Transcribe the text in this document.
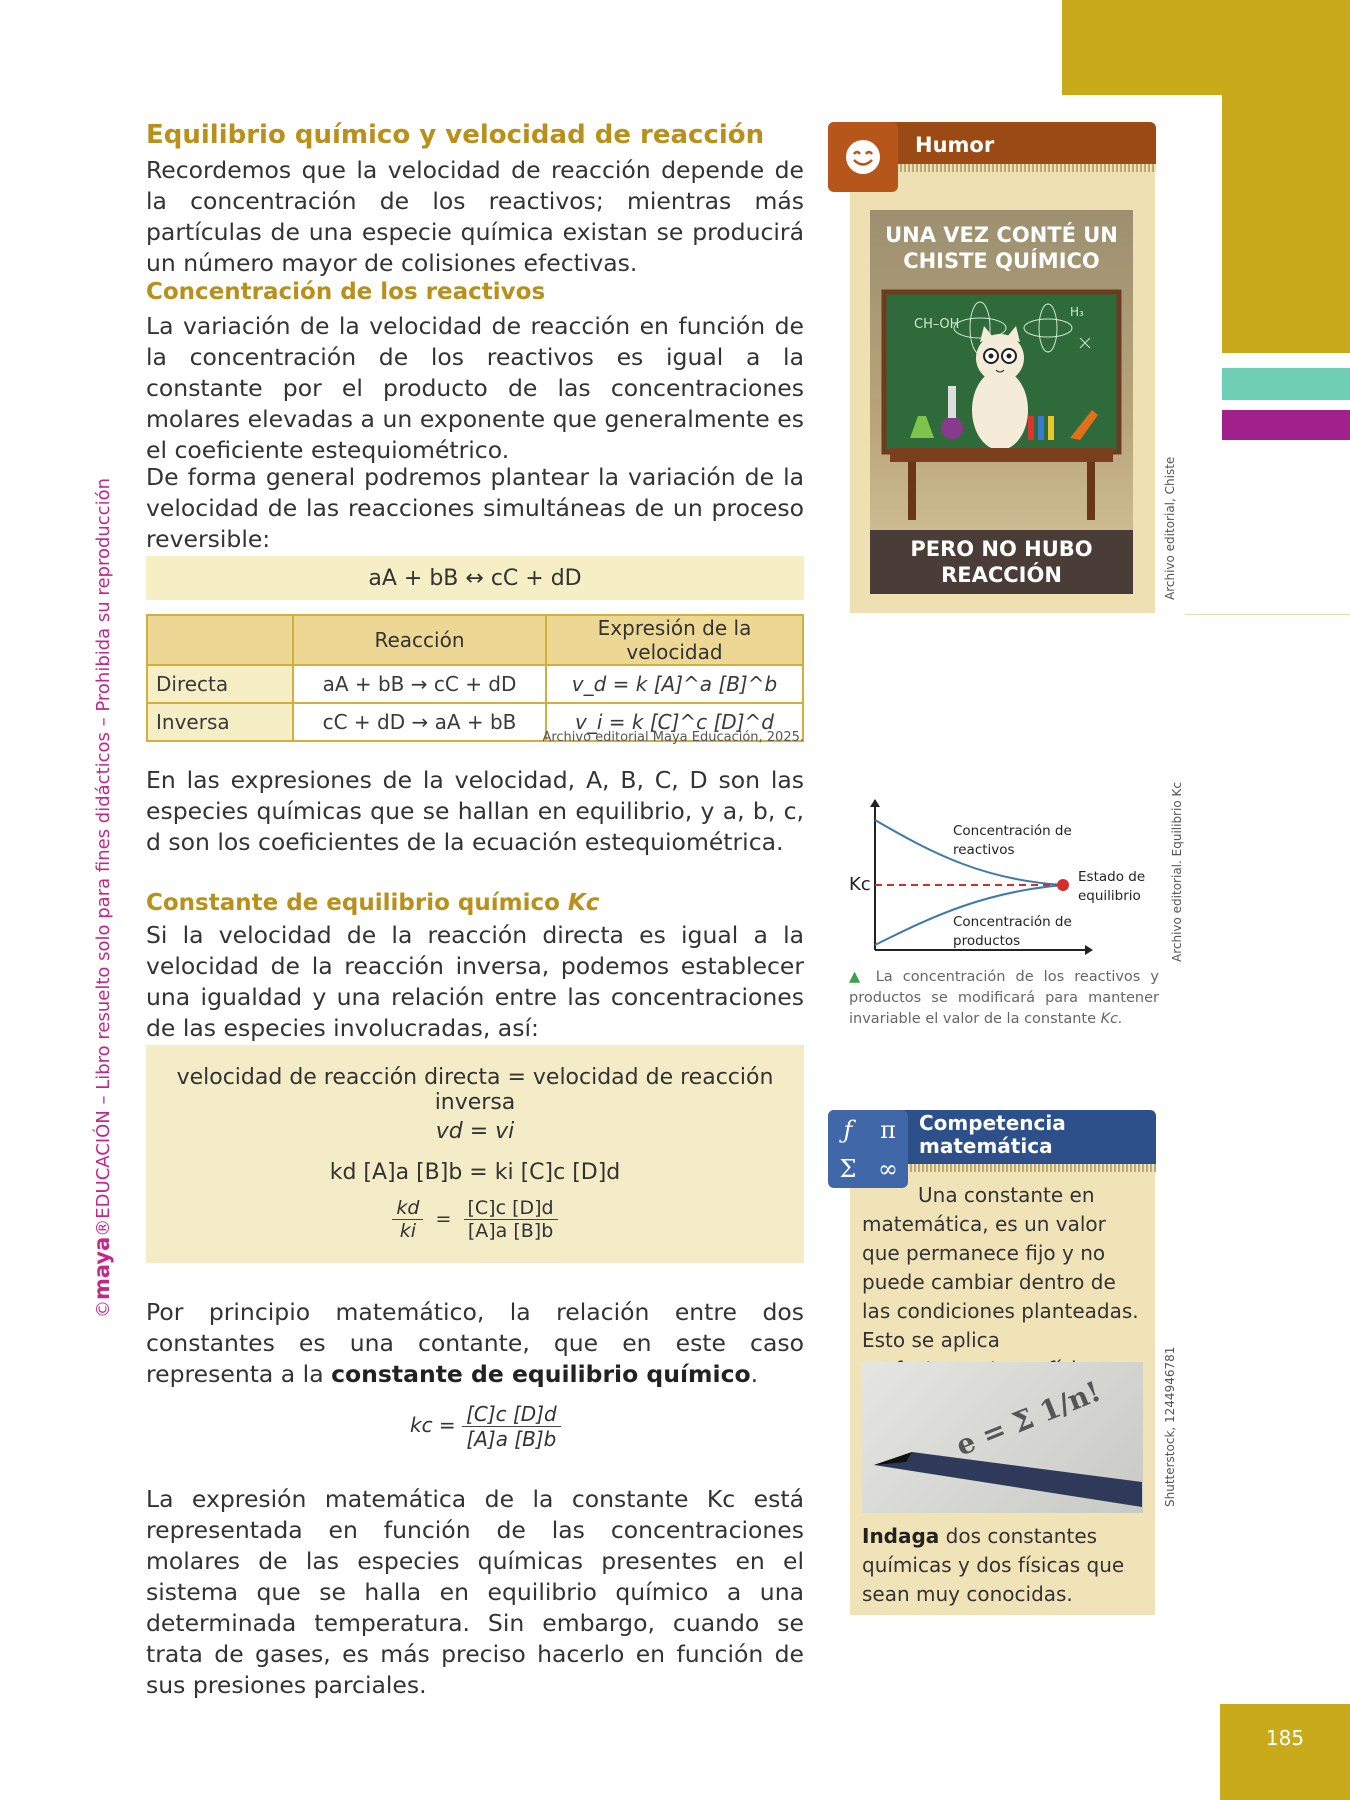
185
©maya®EDUCACIÓN – Libro resuelto solo para fines didácticos – Prohibida su reproducción
Equilibrio químico y velocidad de reacción
Recordemos que la velocidad de reacción depende de la concentración de los reactivos; mientras más partículas de una especie química existan se producirá un número mayor de colisiones efectivas.
Concentración de los reactivos
La variación de la velocidad de reacción en función de la concentración de los reactivos es igual a la constante por el producto de las concentraciones molares elevadas a un exponente que generalmente es el coeficiente estequiométrico.
De forma general podremos plantear la variación de la velocidad de las reacciones simultáneas de un proceso reversible:
aA + bB ↔ cC + dD
	Reacción	Expresión de la velocidad
Directa	aA + bB → cC + dD	v_d = k [A]^a [B]^b
Inversa	cC + dD → aA + bB	v_i = k [C]^c [D]^d
Archivo editorial Maya Educación, 2025.
En las expresiones de la velocidad, A, B, C, D son las especies químicas que se hallan en equilibrio, y a, b, c, d son los coeficientes de la ecuación estequiométrica.
Constante de equilibrio químico Kc
Si la velocidad de la reacción directa es igual a la velocidad de la reacción inversa, podemos establecer una igualdad y una relación entre las concentraciones de las especies involucradas, así:
velocidad de reacción directa = velocidad de reacción inversa
vd = vi
kd [A]a [B]b = ki [C]c [D]d
$\frac{kd}{ki} = \frac{[C]c [D]d}{[A]a [B]b}$
Por principio matemático, la relación entre dos constantes es una contante, que en este caso representa a la constante de equilibrio químico.
kc = $\frac{[C]c [D]d}{[A]a [B]b}$
La expresión matemática de la constante Kc está representada en función de las concentraciones molares de las especies químicas presentes en el sistema que se halla en equilibrio químico a una determinada temperatura. Sin embargo, cuando se trata de gases, es más preciso hacerlo en función de sus presiones parciales.
Humor
UNA VEZ CONTÉ UN CHISTE QUÍMICO
CH–OH
H₃
PERO NO HUBO REACCIÓN	Archivo editorial, Chiste
Kc
Concentración de reactivos
Concentración de productos
Estado de equilibrio
▲ La concentración de los reactivos y productos se modificará para mantener invariable el valor de la constante Kc.
Archivo editorial. Equilibrio Kc
ƒ π
Σ ∞
Competencia matemática
Una constante en matemática, es un valor que permanece fijo y no puede cambiar dentro de las condiciones planteadas. Esto se aplica
e = Σ 1/n!
Indaga dos constantes químicas y dos físicas que sean muy conocidas.
Shutterstock, 1244946781
